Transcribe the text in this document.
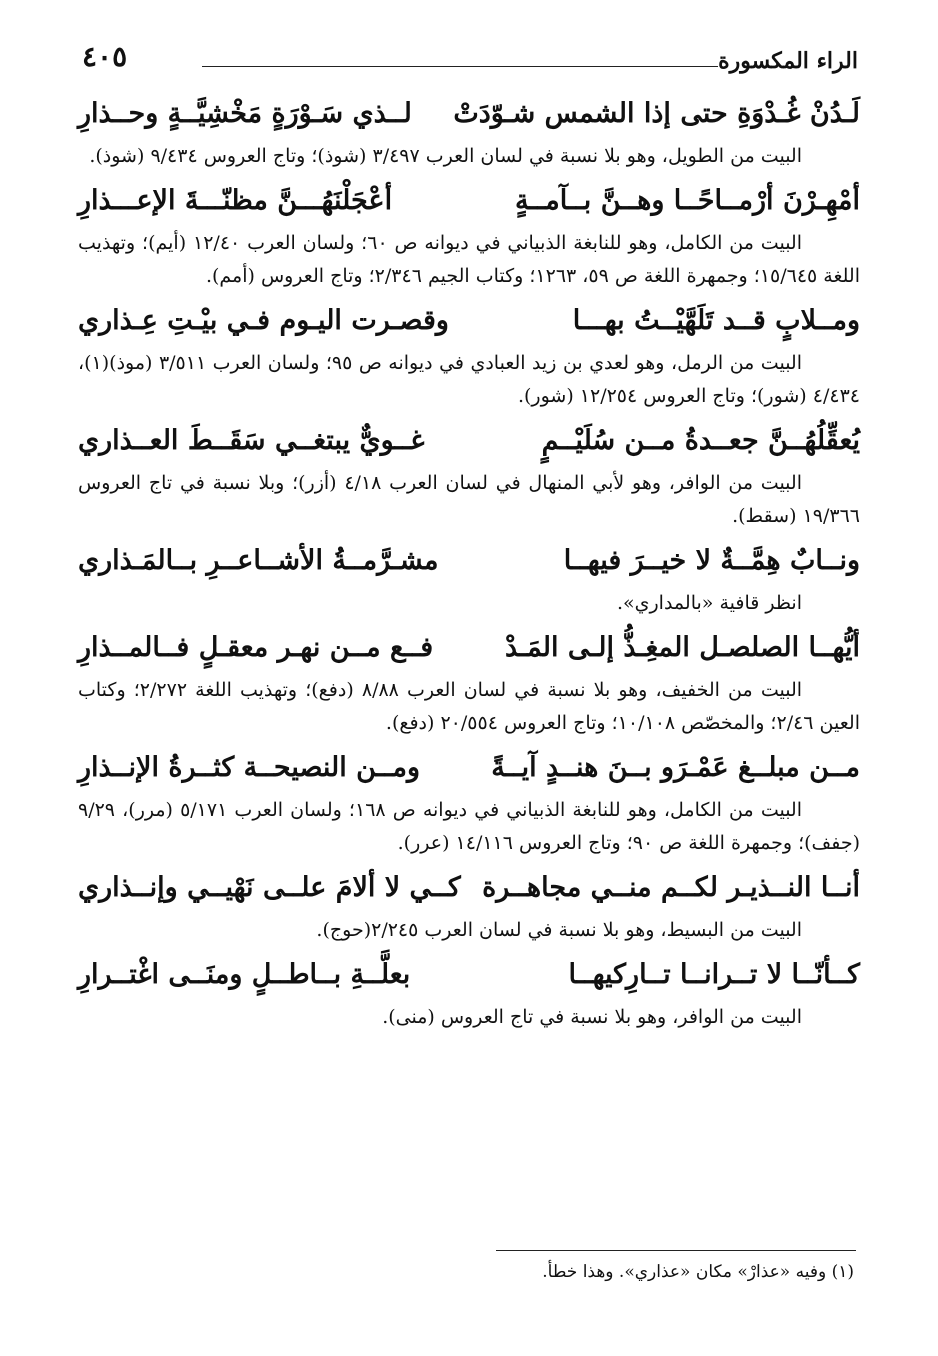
الراء المكسورة
٤٠٥
لَـدُنْ غُـدْوَةِ حتى إذا الشمس شـوّدَتْ
لــذي سَـوْرَةٍ مَخْشِيَّــةٍ وحــذارِ
البيت من الطويل، وهو بلا نسبة في لسان العرب ٣/٤٩٧ (شوذ)؛ وتاج العروس ٩/٤٣٤ (شوذ).
أمْهِـرْنَ أرْمــاحًــا وهــنَّ بــآمــةٍ
أعْجَلْنَهُـــنَّ مظنّـــةَ الإعـــذارِ
البيت من الكامل، وهو للنابغة الذبياني في ديوانه ص ٦٠؛ ولسان العرب ١٢/٤٠ (أيم)؛ وتهذيب اللغة ١٥/٦٤٥؛ وجمهرة اللغة ص ٥٩، ١٢٦٣؛ وكتاب الجيم ٢/٣٤٦؛ وتاج العروس (أمم).
ومــلابٍ قــد تَلَهَّيْــتُ بهـــا
وقصـرت اليـوم فـي بيْـتِ عِـذاري
البيت من الرمل، وهو لعدي بن زيد العبادي في ديوانه ص ٩٥؛ ولسان العرب ٣/٥١١ (موذ)(١)، ٤/٤٣٤ (شور)؛ وتاج العروس ١٢/٢٥٤ (شور).
يُعقِّلُهُــنَّ جعــدةُ مــن سُلَيْــمٍ
غــويٌّ يبتغــي سَقَــطَ العــذاري
البيت من الوافر، وهو لأبي المنهال في لسان العرب ٤/١٨ (أزر)؛ وبلا نسبة في تاج العروس ١٩/٣٦٦ (سقط).
ونــابٌ هِمَّــةٌ لا خيــرَ فيهــا
مشـرَّمــةُ الأشــاعــرِ بــالمَـذاري
انظر قافية «بالمداري».
أيُّهــا الصلصـل المغِـذُّ إلـى المَـدْ
فــع مــن نهـر معقـلٍ فــالمــذارِ
البيت من الخفيف، وهو بلا نسبة في لسان العرب ٨/٨٨ (دفع)؛ وتهذيب اللغة ٢/٢٧٢؛ وكتاب العين ٢/٤٦؛ والمخصّص ١٠/١٠٨؛ وتاج العروس ٢٠/٥٥٤ (دفع).
مــن مبلــغ عَمْـرَو بــنَ هنــدٍ آيــةً
ومــن النصيحــة كثــرةُ الإنــذارِ
البيت من الكامل، وهو للنابغة الذبياني في ديوانه ص ١٦٨؛ ولسان العرب ٥/١٧١ (مرر)، ٩/٢٩ (جفف)؛ وجمهرة اللغة ص ٩٠؛ وتاج العروس ١٤/١١٦ (عرر).
أنــا النــذيـر لكــم منــي مجاهــرة
كــي لا ألامَ علــى نَهْيــي وإنــذاري
البيت من البسيط، وهو بلا نسبة في لسان العرب ٢/٢٤٥(حوج).
كــأنّــا لا تــرانــا تــارِكيهــا
بعلَّــةِ بــاطــلٍ ومنَــى اغْتــرارِ
البيت من الوافر، وهو بلا نسبة في تاج العروس (منى).
(١) وفيه «عذارْ» مكان «عذاري». وهذا خطأ.
